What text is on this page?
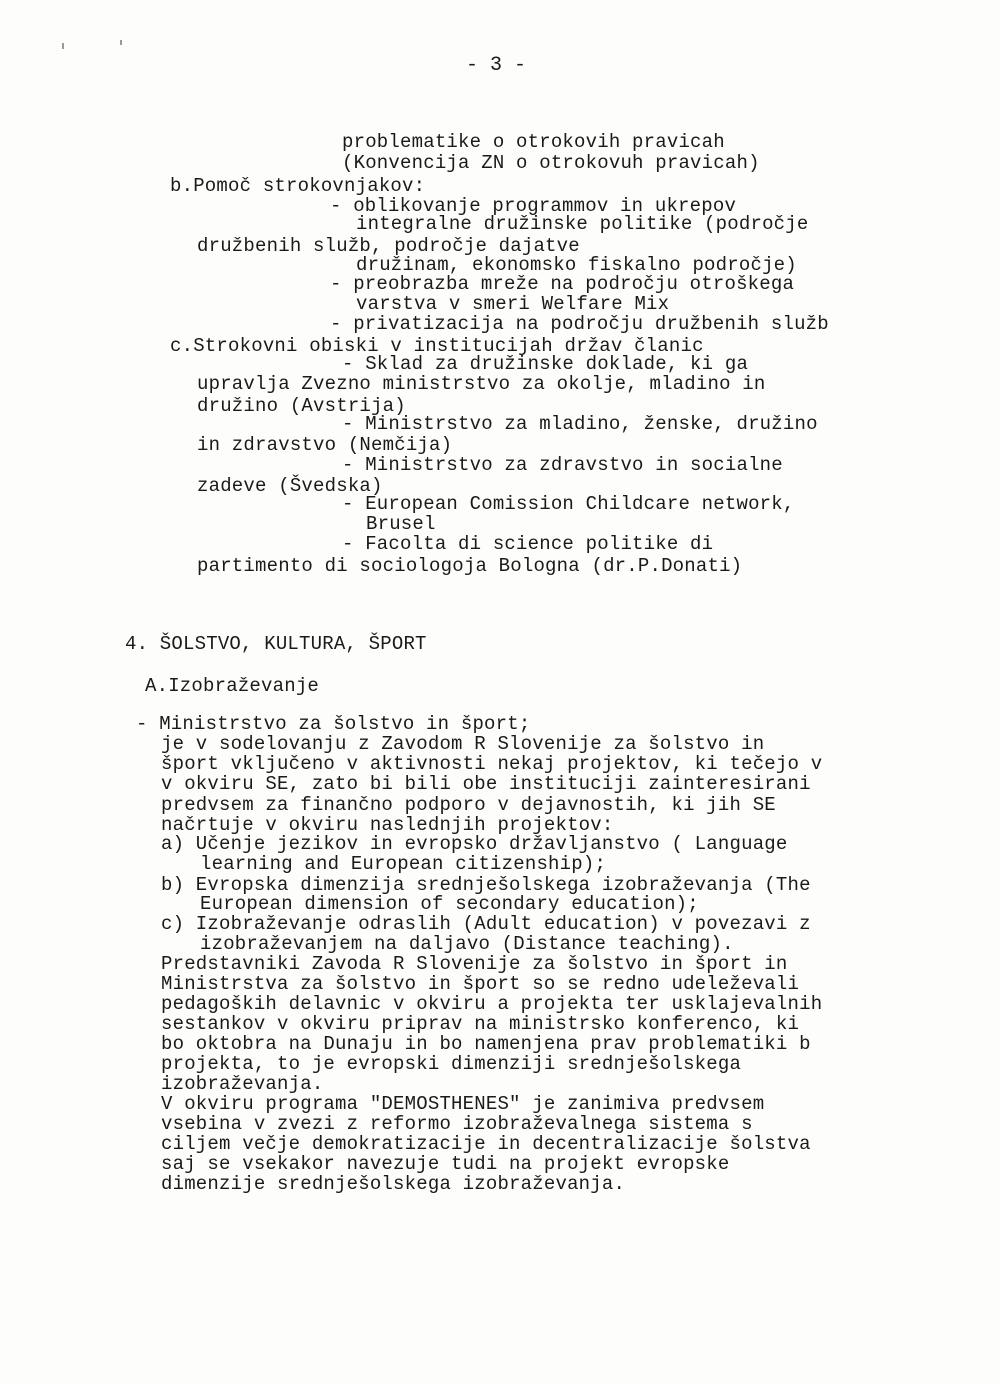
- 3 -
problematike o otrokovih pravicah
(Konvencija ZN o otrokovuh pravicah)
b.Pomoč strokovnjakov:
- oblikovanje programmov in ukrepov
integralne družinske politike (področje
družbenih služb, področje dajatve
družinam, ekonomsko fiskalno področje)
- preobrazba mreže na področju otroškega
varstva v smeri Welfare Mix
- privatizacija na področju družbenih služb
c.Strokovni obiski v institucijah držav članic
- Sklad za družinske doklade, ki ga
upravlja Zvezno ministrstvo za okolje, mladino in
družino (Avstrija)
- Ministrstvo za mladino, ženske, družino
in zdravstvo (Nemčija)
- Ministrstvo za zdravstvo in socialne
zadeve (Švedska)
- European Comission Childcare network,
Brusel
- Facolta di science politike di
partimento di sociologoja Bologna (dr.P.Donati)
4. ŠOLSTVO, KULTURA, ŠPORT
A.Izobraževanje
- Ministrstvo za šolstvo in šport;
je v sodelovanju z Zavodom R Slovenije za šolstvo in
šport vključeno v aktivnosti nekaj projektov, ki tečejo v
v okviru SE, zato bi bili obe instituciji zainteresirani
predvsem za finančno podporo v dejavnostih, ki jih SE
načrtuje v okviru naslednjih projektov:
a) Učenje jezikov in evropsko državljanstvo ( Language
learning and European citizenship);
b) Evropska dimenzija srednješolskega izobraževanja (The
European dimension of secondary education);
c) Izobraževanje odraslih (Adult education) v povezavi z
izobraževanjem na daljavo (Distance teaching).
Predstavniki Zavoda R Slovenije za šolstvo in šport in
Ministrstva za šolstvo in šport so se redno udeleževali
pedagoških delavnic v okviru a projekta ter usklajevalnih
sestankov v okviru priprav na ministrsko konferenco, ki
bo oktobra na Dunaju in bo namenjena prav problematiki b
projekta, to je evropski dimenziji srednješolskega
izobraževanja.
V okviru programa "DEMOSTHENES" je zanimiva predvsem
vsebina v zvezi z reformo izobraževalnega sistema s
ciljem večje demokratizacije in decentralizacije šolstva
saj se vsekakor navezuje tudi na projekt evropske
dimenzije srednješolskega izobraževanja.
